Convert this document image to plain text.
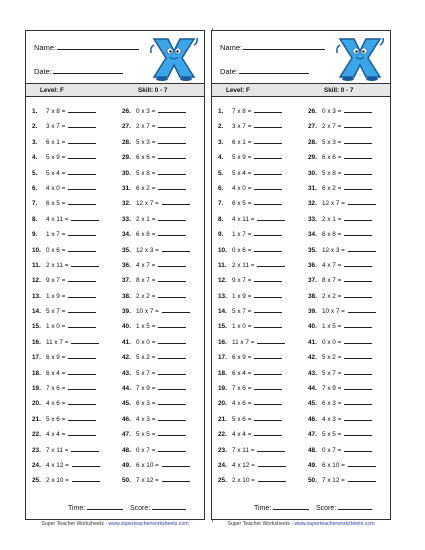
Name:
Date:
Level: F	Skill: 0 - 7
1. 7 x 8 =
2. 3 x 7 =
3. 6 x 1 =
4. 5 x 9 =
5. 5 x 4 =
6. 4 x 0 =
7. 6 x 5 =
8. 4 x 11 =
9. 1 x 7 =
10. 0 x 6 =
11. 2 x 11 =
12. 9 x 7 =
13. 1 x 9 =
14. 5 x 7 =
15. 1 x 0 =
16. 11 x 7 =
17. 6 x 9 =
18. 6 x 4 =
19. 7 x 6 =
20. 4 x 6 =
21. 5 x 6 =
22. 4 x 4 =
23. 7 x 11 =
24. 4 x 12 =
25. 2 x 10 =
26. 0 x 3 =
27. 2 x 7 =
28. 5 x 3 =
29. 6 x 6 =
30. 5 x 8 =
31. 6 x 2 =
32. 12 x 7 =
33. 2 x 1 =
34. 6 x 8 =
35. 12 x 3 =
36. 4 x 7 =
37. 8 x 7 =
38. 2 x 2 =
39. 10 x 7 =
40. 1 x 5 =
41. 0 x 0 =
42. 5 x 2 =
43. 5 x 7 =
44. 7 x 9 =
45. 6 x 3 =
46. 4 x 3 =
47. 5 x 5 =
48. 0 x 7 =
49. 6 x 10 =
50. 7 x 12 =
Time:	Score:
Name:
Date:
Level: F	Skill: 0 - 7
1. 7 x 8 =
2. 3 x 7 =
3. 6 x 1 =
4. 5 x 9 =
5. 5 x 4 =
6. 4 x 0 =
7. 6 x 5 =
8. 4 x 11 =
9. 1 x 7 =
10. 0 x 6 =
11. 2 x 11 =
12. 9 x 7 =
13. 1 x 9 =
14. 5 x 7 =
15. 1 x 0 =
16. 11 x 7 =
17. 6 x 9 =
18. 6 x 4 =
19. 7 x 6 =
20. 4 x 6 =
21. 5 x 6 =
22. 4 x 4 =
23. 7 x 11 =
24. 4 x 12 =
25. 2 x 10 =
26. 0 x 3 =
27. 2 x 7 =
28. 5 x 3 =
29. 6 x 6 =
30. 5 x 8 =
31. 6 x 2 =
32. 12 x 7 =
33. 2 x 1 =
34. 6 x 8 =
35. 12 x 3 =
36. 4 x 7 =
37. 8 x 7 =
38. 2 x 2 =
39. 10 x 7 =
40. 1 x 5 =
41. 0 x 0 =
42. 5 x 2 =
43. 5 x 7 =
44. 7 x 9 =
45. 6 x 3 =
46. 4 x 3 =
47. 5 x 5 =
48. 0 x 7 =
49. 6 x 10 =
50. 7 x 12 =
Time:	Score:
Super Teacher Worksheets - www.superteacherworksheets.com	Super Teacher Worksheets - www.superteacherworksheets.com
